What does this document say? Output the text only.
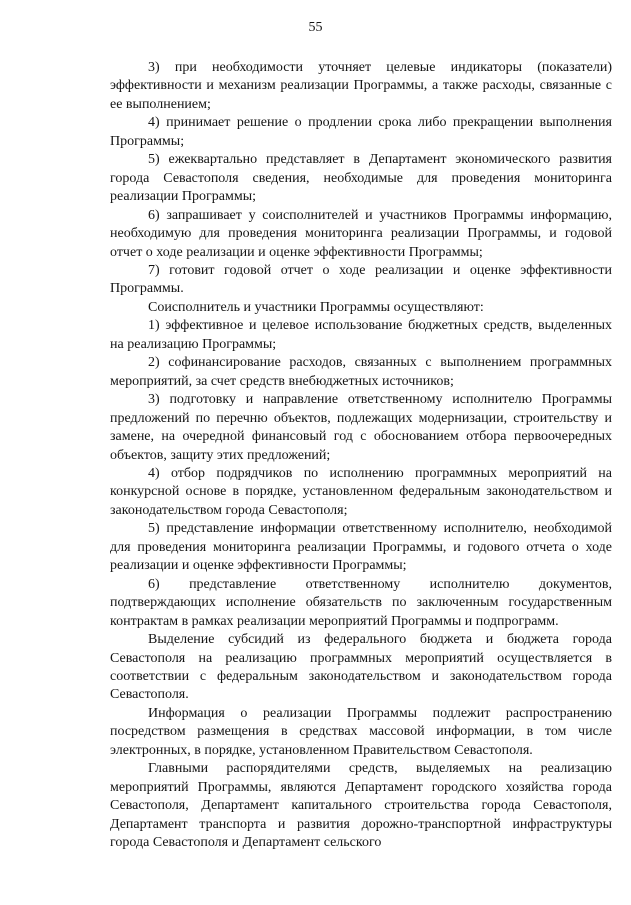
55

3) при необходимости уточняет целевые индикаторы (показатели) эффективности и механизм реализации Программы, а также расходы, связанные с ее выполнением;

4) принимает решение о продлении срока либо прекращении выполнения Программы;

5) ежеквартально представляет в Департамент экономического развития города Севастополя сведения, необходимые для проведения мониторинга реализации Программы;

6) запрашивает у соисполнителей и участников Программы информацию, необходимую для проведения мониторинга реализации Программы, и годовой отчет о ходе реализации и оценке эффективности Программы;

7) готовит годовой отчет о ходе реализации и оценке эффективности Программы.

Соисполнитель и участники Программы осуществляют:

1) эффективное и целевое использование бюджетных средств, выделенных на реализацию Программы;

2) софинансирование расходов, связанных с выполнением программных мероприятий, за счет средств внебюджетных источников;

3) подготовку и направление ответственному исполнителю Программы предложений по перечню объектов, подлежащих модернизации, строительству и замене, на очередной финансовый год с обоснованием отбора первоочередных объектов, защиту этих предложений;

4) отбор подрядчиков по исполнению программных мероприятий на конкурсной основе в порядке, установленном федеральным законодательством и законодательством города Севастополя;

5) представление информации ответственному исполнителю, необходимой для проведения мониторинга реализации Программы, и годового отчета о ходе реализации и оценке эффективности Программы;

6) представление ответственному исполнителю документов, подтверждающих исполнение обязательств по заключенным государственным контрактам в рамках реализации мероприятий Программы и подпрограмм.

Выделение субсидий из федерального бюджета и бюджета города Севастополя на реализацию программных мероприятий осуществляется в соответствии с федеральным законодательством и законодательством города Севастополя.

Информация о реализации Программы подлежит распространению посредством размещения в средствах массовой информации, в том числе электронных, в порядке, установленном Правительством Севастополя.

Главными распорядителями средств, выделяемых на реализацию мероприятий Программы, являются Департамент городского хозяйства города Севастополя, Департамент капитального строительства города Севастополя, Департамент транспорта и развития дорожно-транспортной инфраструктуры города Севастополя и Департамент сельского
